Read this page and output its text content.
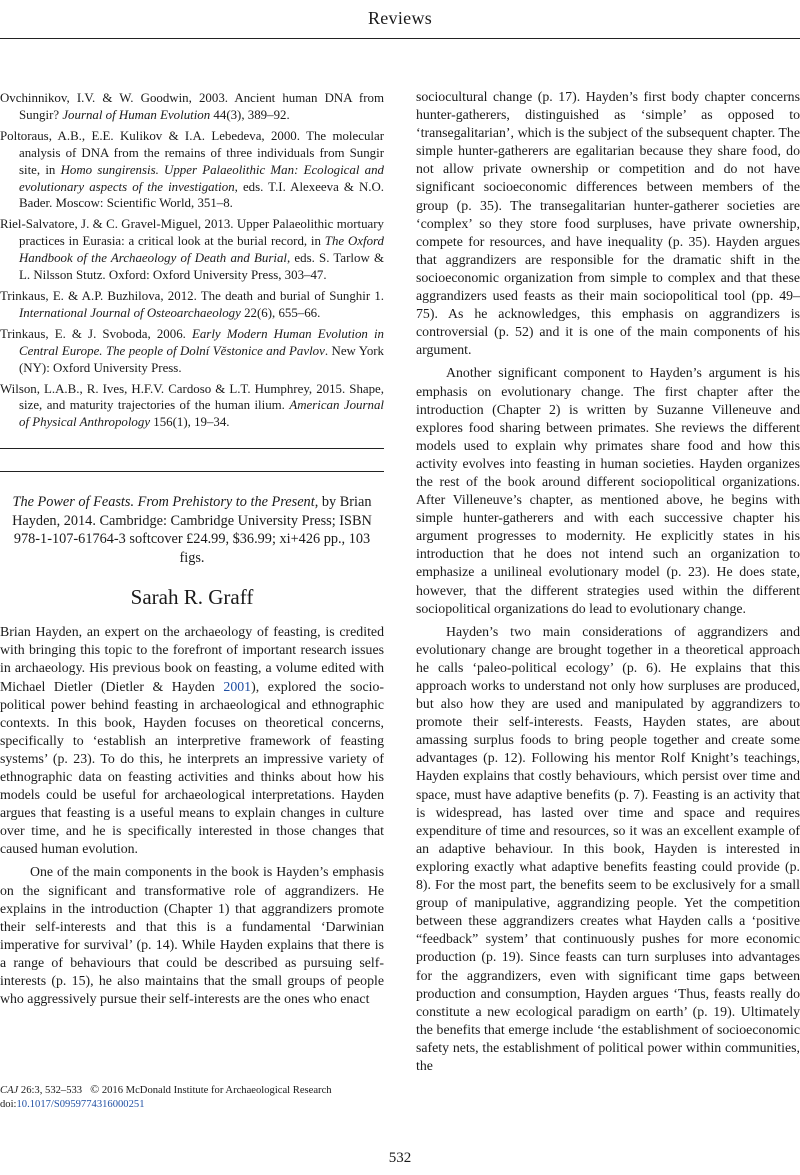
Reviews

Ovchinnikov, I.V. & W. Goodwin, 2003. Ancient human DNA from Sungir? Journal of Human Evolution 44(3), 389–92.

Poltoraus, A.B., E.E. Kulikov & I.A. Lebedeva, 2000. The molecular analysis of DNA from the remains of three individuals from Sungir site, in Homo sungirensis. Upper Palaeolithic Man: Ecological and evolutionary aspects of the investigation, eds. T.I. Alexeeva & N.O. Bader. Moscow: Scientific World, 351–8.

Riel-Salvatore, J. & C. Gravel-Miguel, 2013. Upper Palaeolithic mortuary practices in Eurasia: a critical look at the burial record, in The Oxford Handbook of the Archaeology of Death and Burial, eds. S. Tarlow & L. Nilsson Stutz. Oxford: Oxford University Press, 303–47.

Trinkaus, E. & A.P. Buzhilova, 2012. The death and burial of Sunghir 1. International Journal of Osteoarchaeology 22(6), 655–66.

Trinkaus, E. & J. Svoboda, 2006. Early Modern Human Evolution in Central Europe. The people of Dolní Věstonice and Pavlov. New York (NY): Oxford University Press.

Wilson, L.A.B., R. Ives, H.F.V. Cardoso & L.T. Humphrey, 2015. Shape, size, and maturity trajectories of the human ilium. American Journal of Physical Anthropology 156(1), 19–34.

The Power of Feasts. From Prehistory to the Present, by Brian Hayden, 2014. Cambridge: Cambridge University Press; ISBN 978-1-107-61764-3 softcover £24.99, $36.99; xi+426 pp., 103 figs.
Sarah R. Graff

Brian Hayden, an expert on the archaeology of feasting, is credited with bringing this topic to the forefront of important research issues in archaeology. His previous book on feasting, a volume edited with Michael Dietler (Dietler & Hayden 2001), explored the socio-political power behind feasting in archaeological and ethnographic contexts. In this book, Hayden focuses on theoretical concerns, specifically to ‘establish an interpretive framework of feasting systems’ (p. 23). To do this, he interprets an impressive variety of ethnographic data on feasting activities and thinks about how his models could be useful for archaeological interpretations. Hayden argues that feasting is a useful means to explain changes in culture over time, and he is specifically interested in those changes that caused human evolution.

One of the main components in the book is Hayden’s emphasis on the significant and transformative role of aggrandizers. He explains in the introduction (Chapter 1) that aggrandizers promote their self-interests and that this is a fundamental ‘Darwinian imperative for survival’ (p. 14). While Hayden explains that there is a range of behaviours that could be described as pursuing self-interests (p. 15), he also maintains that the small groups of people who aggressively pursue their self-interests are the ones who enact

sociocultural change (p. 17). Hayden’s first body chapter concerns hunter-gatherers, distinguished as ‘simple’ as opposed to ‘transegalitarian’, which is the subject of the subsequent chapter. The simple hunter-gatherers are egalitarian because they share food, do not allow private ownership or competition and do not have significant socioeconomic differences between members of the group (p. 35). The transegalitarian hunter-gatherer societies are ‘complex’ so they store food surpluses, have private ownership, compete for resources, and have inequality (p. 35). Hayden argues that aggrandizers are responsible for the dramatic shift in the socioeconomic organization from simple to complex and that these aggrandizers used feasts as their main sociopolitical tool (pp. 49–75). As he acknowledges, this emphasis on aggrandizers is controversial (p. 52) and it is one of the main components of his argument.

Another significant component to Hayden’s argument is his emphasis on evolutionary change. The first chapter after the introduction (Chapter 2) is written by Suzanne Villeneuve and explores food sharing between primates. She reviews the different models used to explain why primates share food and how this activity evolves into feasting in human societies. Hayden organizes the rest of the book around different sociopolitical organizations. After Villeneuve’s chapter, as mentioned above, he begins with simple hunter-gatherers and with each successive chapter his argument progresses to modernity. He explicitly states in his introduction that he does not intend such an organization to emphasize a unilineal evolutionary model (p. 23). He does state, however, that the different strategies used within the different sociopolitical organizations do lead to evolutionary change.

Hayden’s two main considerations of aggrandizers and evolutionary change are brought together in a theoretical approach he calls ‘paleo-political ecology’ (p. 6). He explains that this approach works to understand not only how surpluses are produced, but also how they are used and manipulated by aggrandizers to promote their self-interests. Feasts, Hayden states, are about amassing surplus foods to bring people together and create some advantages (p. 12). Following his mentor Rolf Knight’s teachings, Hayden explains that costly behaviours, which persist over time and space, must have adaptive benefits (p. 7). Feasting is an activity that is widespread, has lasted over time and space and requires expenditure of time and resources, so it was an excellent example of an adaptive behaviour. In this book, Hayden is interested in exploring exactly what adaptive benefits feasting could provide (p. 8). For the most part, the benefits seem to be exclusively for a small group of manipulative, aggrandizing people. Yet the competition between these aggrandizers creates what Hayden calls a ‘positive “feedback” system’ that continuously pushes for more economic production (p. 19). Since feasts can turn surpluses into advantages for the aggrandizers, even with significant time gaps between production and consumption, Hayden argues ‘Thus, feasts really do constitute a new ecological paradigm on earth’ (p. 19). Ultimately the benefits that emerge include ‘the establishment of socioeconomic safety nets, the establishment of political power within communities, the

CAJ 26:3, 532–533 © 2016 McDonald Institute for Archaeological Research
doi:10.1017/S0959774316000251
532
